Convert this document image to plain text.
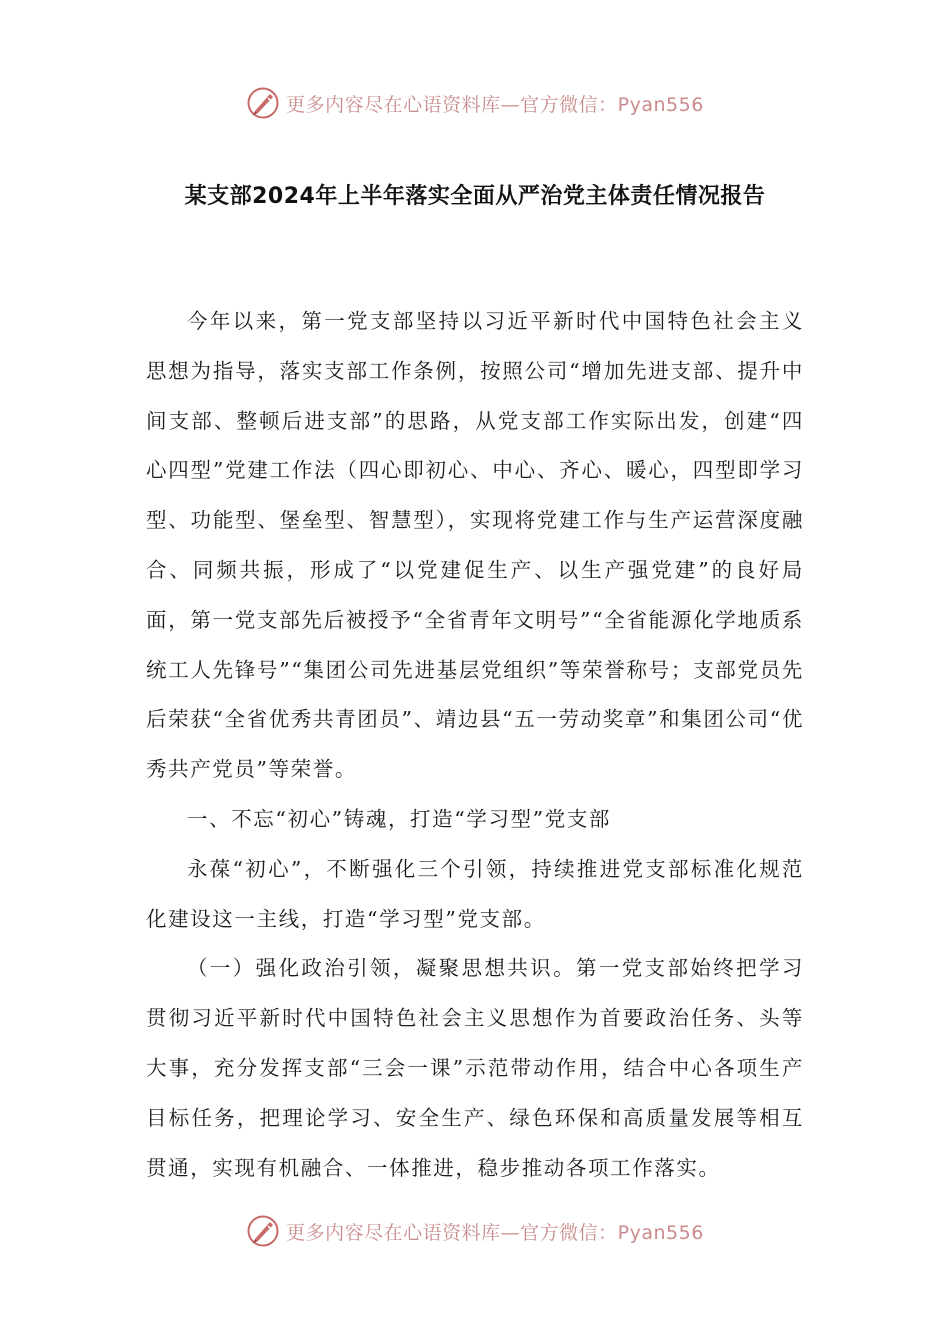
更多内容尽在心语资料库—官方微信：Pyan556
某支部2024年上半年落实全面从严治党主体责任情况报告

今年以来，第一党支部坚持以习近平新时代中国特色社会主义思想为指导，落实支部工作条例，按照公司“增加先进支部、提升中间支部、整顿后进支部”的思路，从党支部工作实际出发，创建“四心四型”党建工作法（四心即初心、中心、齐心、暖心，四型即学习型、功能型、堡垒型、智慧型），实现将党建工作与生产运营深度融合、同频共振，形成了“以党建促生产、以生产强党建”的良好局面，第一党支部先后被授予“全省青年文明号”“全省能源化学地质系统工人先锋号”“集团公司先进基层党组织”等荣誉称号；支部党员先后荣获“全省优秀共青团员”、靖边县“五一劳动奖章”和集团公司“优秀共产党员”等荣誉。

一、不忘“初心”铸魂，打造“学习型”党支部

永葆“初心”，不断强化三个引领，持续推进党支部标准化规范化建设这一主线，打造“学习型”党支部。

（一）强化政治引领，凝聚思想共识。第一党支部始终把学习贯彻习近平新时代中国特色社会主义思想作为首要政治任务、头等大事，充分发挥支部“三会一课”示范带动作用，结合中心各项生产目标任务，把理论学习、安全生产、绿色环保和高质量发展等相互贯通，实现有机融合、一体推进，稳步推动各项工作落实。

更多内容尽在心语资料库—官方微信：Pyan556
